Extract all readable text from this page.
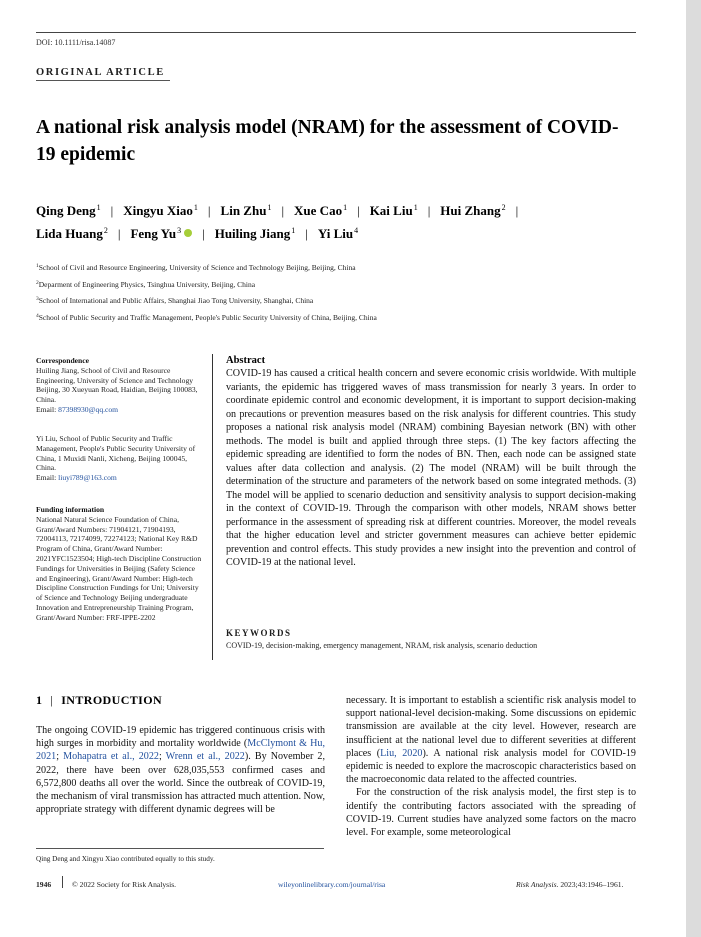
DOI: 10.1111/risa.14087
ORIGINAL ARTICLE
A national risk analysis model (NRAM) for the assessment of COVID-19 epidemic
Qing Deng$^1$ | Xingyu Xiao$^1$ | Lin Zhu$^1$ | Xue Cao$^1$ | Kai Liu$^1$ | Hui Zhang$^2$ |
Lida Huang$^2$ | Feng Yu$^3$ | Huiling Jiang$^1$ | Yi Liu$^4$
$^1$School of Civil and Resource Engineering, University of Science and Technology Beijing, Beijing, China
$^2$Deparment of Engineering Physics, Tsinghua University, Beijing, China
$^3$School of International and Public Affairs, Shanghai Jiao Tong University, Shanghai, China
$^4$School of Public Security and Traffic Management, People's Public Security University of China, Beijing, China
Correspondence
Huiling Jiang, School of Civil and Resource Engineering, University of Science and Technology Beijing, 30 Xueyuan Road, Haidian, Beijing 100083, China.
Email: 87398930@qq.com
Yi Liu, School of Public Security and Traffic Management, People's Public Security University of China, 1 Muxidi Nanli, Xicheng, Beijing 100045, China.
Email: liuyi789@163.com
Funding information
National Natural Science Foundation of China, Grant/Award Numbers: 71904121, 71904193, 72004113, 72174099, 72274123; National Key R&D Program of China, Grant/Award Number: 2021YFC1523504; High-tech Discipline Construction Fundings for Universities in Beijing (Safety Science and Engineering), Grant/Award Number: High-tech Discipline Construction Fundings for Uni; University of Science and Technology Beijing undergraduate Innovation and Entrepreneurship Training Program, Grant/Award Number: FRF-IPPE-2202
Abstract
COVID-19 has caused a critical health concern and severe economic crisis worldwide. With multiple variants, the epidemic has triggered waves of mass transmission for nearly 3 years. In order to coordinate epidemic control and economic development, it is important to support decision-making on precautions or prevention measures based on the risk analysis for different countries. This study proposes a national risk analysis model (NRAM) combining Bayesian network (BN) with other methods. The model is built and applied through three steps. (1) The key factors affecting the epidemic spreading are identified to form the nodes of BN. Then, each node can be assigned state values after data collection and analysis. (2) The model (NRAM) will be built through the determination of the structure and parameters of the network based on some integrated methods. (3) The model will be applied to scenario deduction and sensitivity analysis to support decision-making in the context of COVID-19. Through the comparison with other models, NRAM shows better performance in the assessment of spreading risk at different countries. Moreover, the model reveals that the higher education level and stricter government measures can achieve better epidemic prevention and control effects. This study provides a new insight into the prevention and control of COVID-19 at the national level.
KEYWORDS
COVID-19, decision-making, emergency management, NRAM, risk analysis, scenario deduction
1 | INTRODUCTION

The ongoing COVID-19 epidemic has triggered continuous crisis with high surges in morbidity and mortality worldwide (McClymont & Hu, 2021; Mohapatra et al., 2022; Wrenn et al., 2022). By November 2, 2022, there have been over 628,035,553 confirmed cases and 6,572,800 deaths all over the world. Since the outbreak of COVID-19, the mechanism of viral transmission has attracted much attention. Now, appropriate strategy with different dynamic degrees will be

necessary. It is important to establish a scientific risk analysis model to support national-level decision-making. Some discussions on epidemic transmission are available at the city level. However, research are insufficient at the national level due to different severities at different places (Liu, 2020). A national risk analysis model for COVID-19 epidemic is needed to explore the macroscopic characteristics based on the macroeconomic data related to the affected countries.

For the construction of the risk analysis model, the first step is to identify the contributing factors associated with the spreading of COVID-19. Current studies have analyzed some factors on the macro level. For example, some meteorological

Qing Deng and Xingyu Xiao contributed equally to this study.
1946	© 2022 Society for Risk Analysis.	wileyonlinelibrary.com/journal/risa	Risk Analysis. 2023;43:1946–1961.
